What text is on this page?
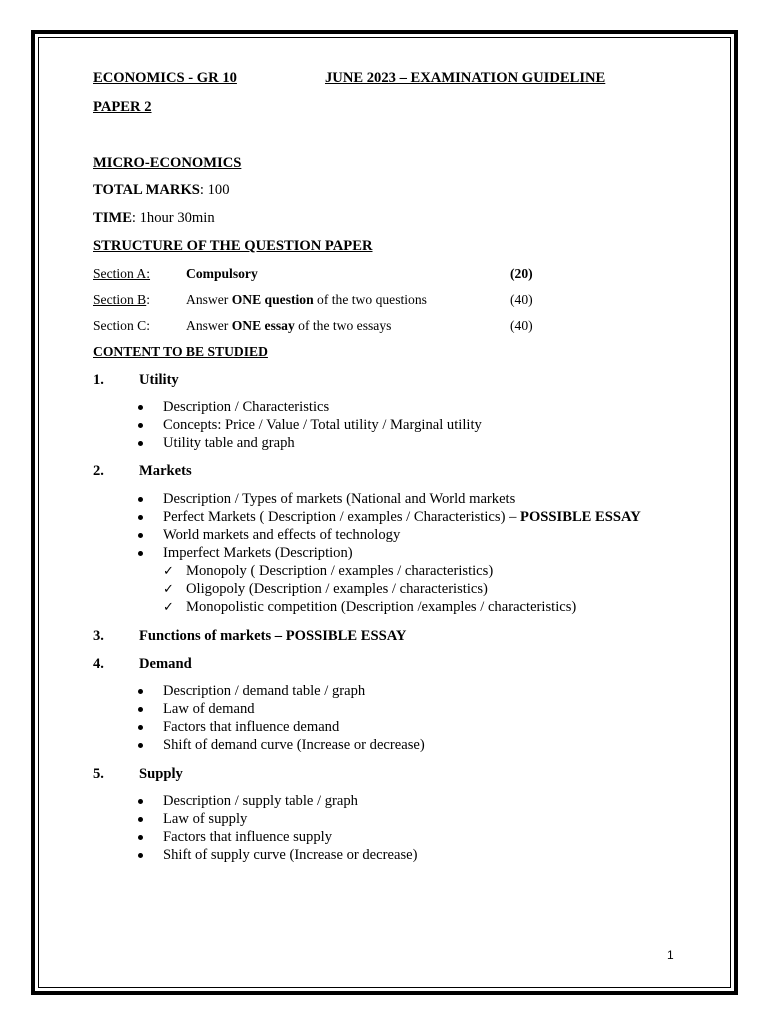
ECONOMICS - GR 10	JUNE 2023 – EXAMINATION GUIDELINE
PAPER 2
MICRO-ECONOMICS
TOTAL MARKS: 100
TIME: 1hour 30min
STRUCTURE OF THE QUESTION PAPER
Section A:	Compulsory	(20)
Section B:	Answer ONE question of the two questions	(40)
Section C:	Answer ONE essay of the two essays	(40)
CONTENT TO BE STUDIED
1. Utility
Description / Characteristics
Concepts: Price / Value / Total utility / Marginal utility
Utility table and graph
2. Markets
Description / Types of markets (National and World markets
Perfect Markets ( Description / examples / Characteristics) – POSSIBLE ESSAY
World markets and effects of technology
Imperfect Markets (Description)
✓ Monopoly ( Description / examples / characteristics)
✓ Oligopoly (Description / examples / characteristics)
✓ Monopolistic competition (Description /examples / characteristics)
3. Functions of markets – POSSIBLE ESSAY
4. Demand
Description / demand table / graph
Law of demand
Factors that influence demand
Shift of demand curve (Increase or decrease)
5. Supply
Description / supply table / graph
Law of supply
Factors that influence supply
Shift of supply curve (Increase or decrease)
1
